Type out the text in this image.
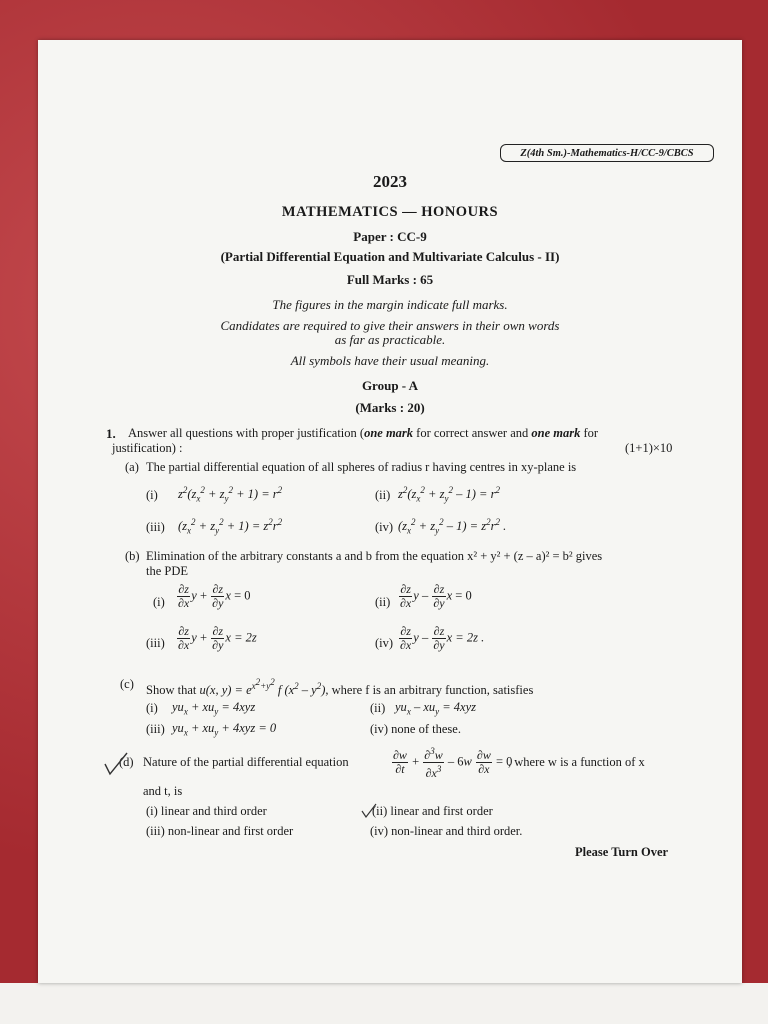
Z(4th Sm.)-Mathematics-H/CC-9/CBCS
2023
MATHEMATICS — HONOURS
Paper : CC-9
(Partial Differential Equation and Multivariate Calculus - II)
Full Marks : 65
The figures in the margin indicate full marks.
Candidates are required to give their answers in their own words
as far as practicable.
All symbols have their usual meaning.
Group - A
(Marks : 20)
1. Answer all questions with proper justification (one mark for correct answer and one mark for
justification) :	(1+1)×10
(a) The partial differential equation of all spheres of radius r having centres in xy-plane is
(i) $z^2(z_x^2 + z_y^2 + 1) = r^2$	(ii) $z^2(z_x^2 + z_y^2 - 1) = r^2$
(iii) $(z_x^2 + z_y^2 + 1) = z^2r^2$	(iv) $(z_x^2 + z_y^2 - 1) = z^2r^2$ .
(b) Elimination of the arbitrary constants a and b from the equation x² + y² + (z – a)² = b² gives
the PDE
$(i) \frac{\partial z}{\partial x}$ $y + \frac{\partial z}{\partial y}$ x = 0	$(ii) \frac{\partial z}{\partial x}$ y – $\frac{\partial z}{\partial y}$ x = 0
$(iii) \frac{\partial z}{\partial x}$ $y + \frac{\partial z}{\partial y}$ x = 2z	$(iv) \frac{\partial z}{\partial x}$ y – $\frac{\partial z}{\partial y}$ x = 2z .
(c) Show that u(x, $y) = e^{x^2+y^2}$ f $(x^2 - y^2)$, where f is an arbitrary function, satisfies
(i) $yu_x + xu_y = 4xyz$	(ii) $yu_x - xu_y = 4xyz$
(iii) $yu_x + xu_y + 4xyz = 0$	(iv) none of these.
(d) Nature of the partial differential equation	$\frac{\partial w}{\partial t} + \frac{\partial^3w}{\partial x^3} - 6w \frac{\partial w}{\partial x} = 0$
, where w is a function of x
and t, is
(i) linear and third order	(ii) linear and first order
(iii) non-linear and first order	(iv) non-linear and third order.
Please Turn Over
